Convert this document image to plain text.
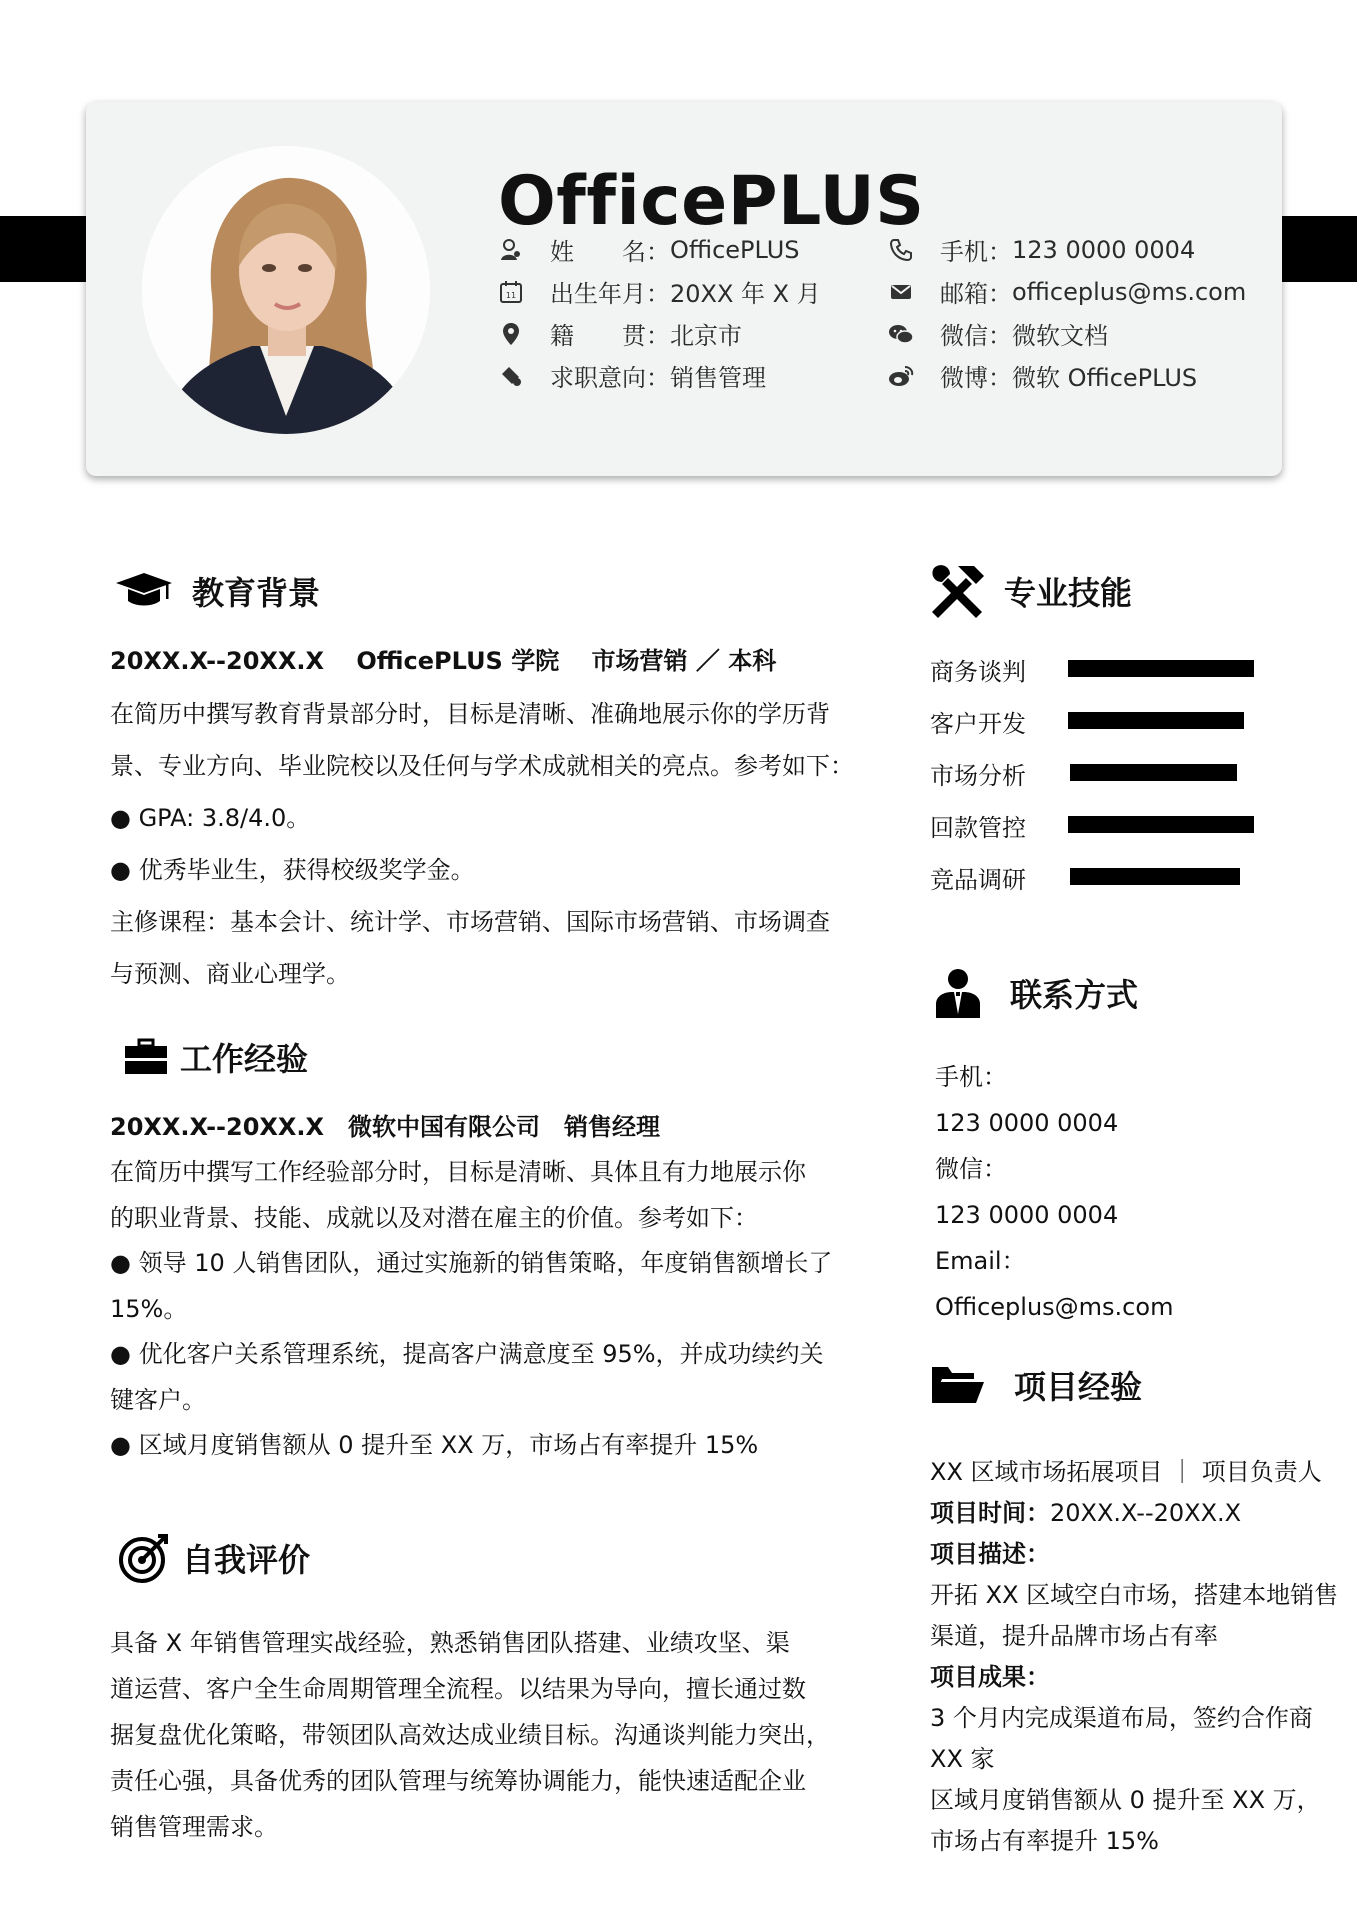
OfficePLUS
姓　　名： OfficePLUS
11 出生年月： 20XX 年 X 月
籍　　贯： 北京市
求职意向： 销售管理
手机： 123 0000 0004
邮箱： officeplus@ms.com
微信： 微软文档
微博： 微软 OfficePLUS
教育背景
20XX.X--20XX.X　 OfficePLUS 学院　 市场营销 ／ 本科

在简历中撰写教育背景部分时，目标是清晰、准确地展示你的学历背

景、专业方向、毕业院校以及任何与学术成就相关的亮点。参考如下：

● GPA: 3.8/4.0。

● 优秀毕业生，获得校级奖学金。

主修课程：基本会计、统计学、市场营销、国际市场营销、市场调查

与预测、商业心理学。

工作经验
20XX.X--20XX.X　微软中国有限公司　销售经理

在简历中撰写工作经验部分时，目标是清晰、具体且有力地展示你

的职业背景、技能、成就以及对潜在雇主的价值。参考如下：

● 领导 10 人销售团队，通过实施新的销售策略，年度销售额增长了

15%。

● 优化客户关系管理系统，提高客户满意度至 95%，并成功续约关

键客户。

● 区域月度销售额从 0 提升至 XX 万，市场占有率提升 15%

自我评价

具备 X 年销售管理实战经验，熟悉销售团队搭建、业绩攻坚、渠

道运营、客户全生命周期管理全流程。以结果为导向，擅长通过数

据复盘优化策略，带领团队高效达成业绩目标。沟通谈判能力突出，

责任心强，具备优秀的团队管理与统筹协调能力，能快速适配企业

销售管理需求。

专业技能
商务谈判
客户开发
市场分析
回款管控
竞品调研
联系方式

手机：

123 0000 0004

微信：

123 0000 0004

Email：

Officeplus@ms.com

项目经验

XX 区域市场拓展项目 ｜ 项目负责人

项目时间：20XX.X--20XX.X

项目描述：

开拓 XX 区域空白市场，搭建本地销售

渠道，提升品牌市场占有率

项目成果：

3 个月内完成渠道布局，签约合作商

XX 家

区域月度销售额从 0 提升至 XX 万，

市场占有率提升 15%
